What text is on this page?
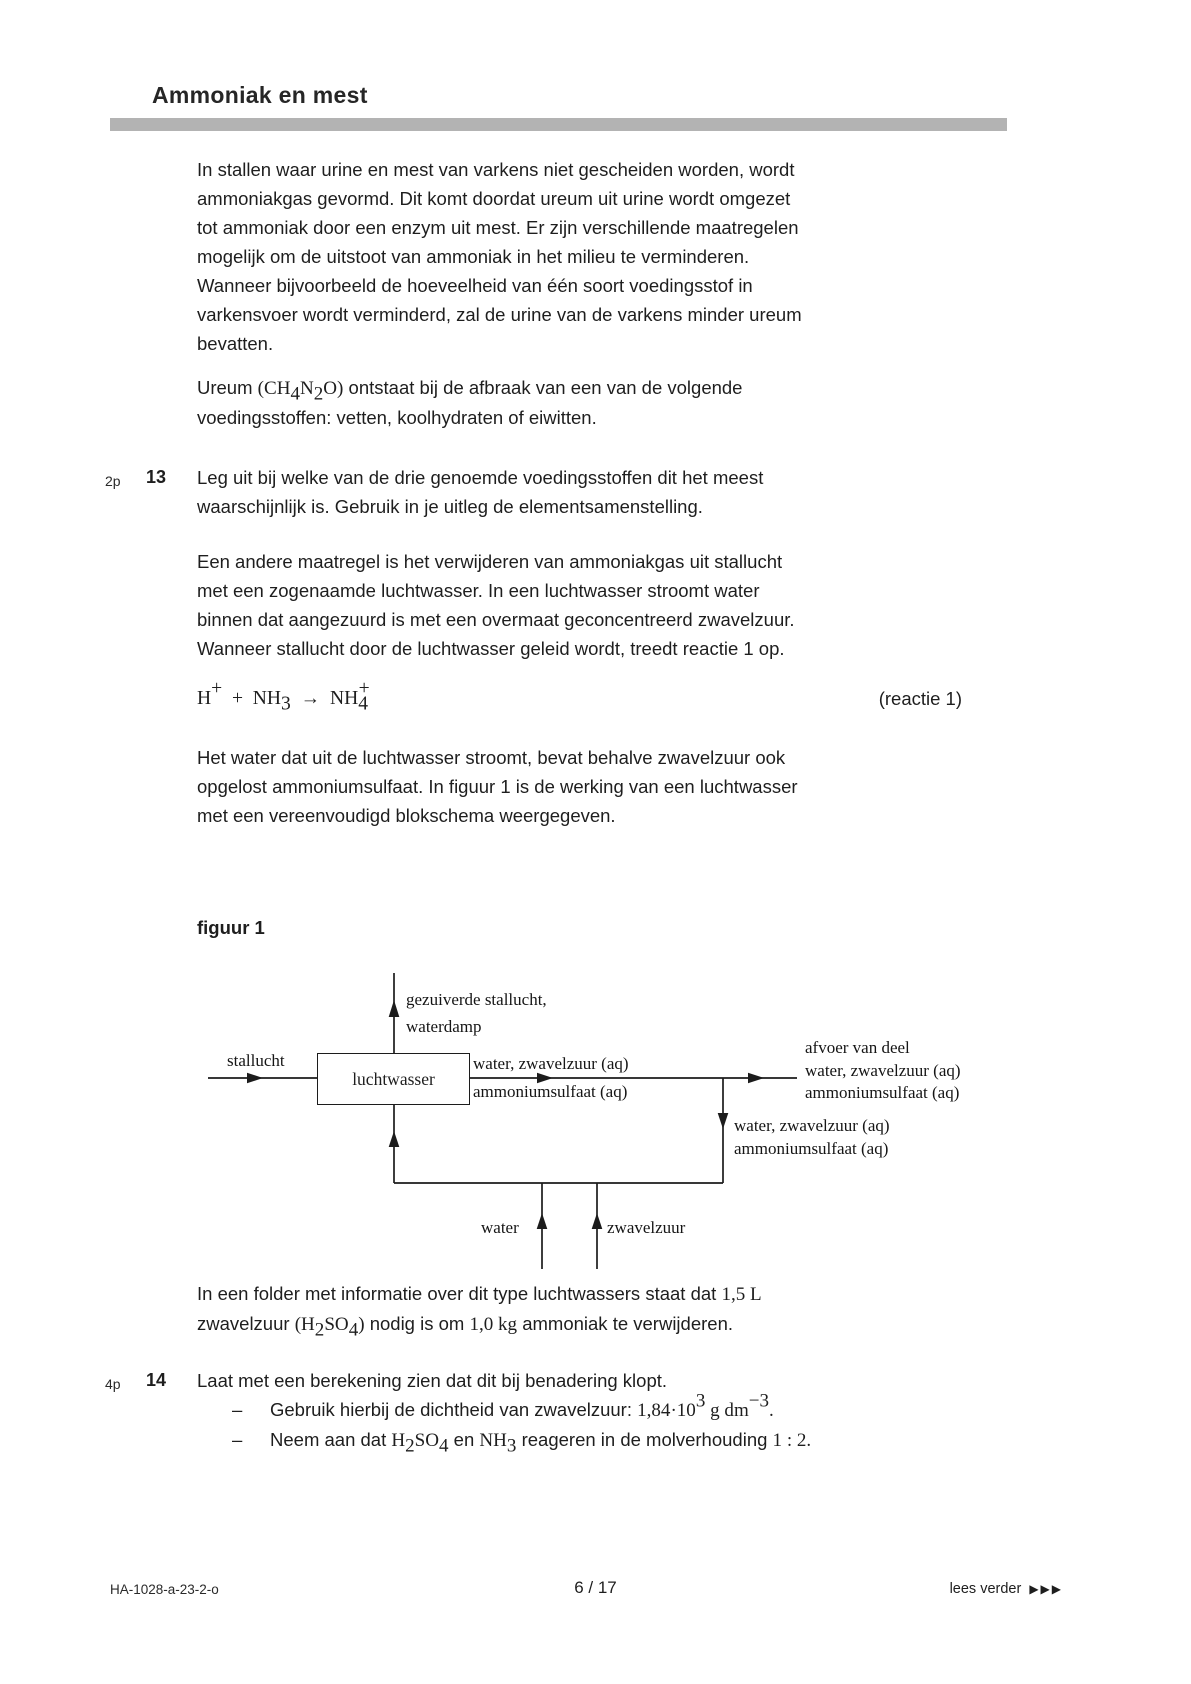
Ammoniak en mest
In stallen waar urine en mest van varkens niet gescheiden worden, wordt
ammoniakgas gevormd. Dit komt doordat ureum uit urine wordt omgezet
tot ammoniak door een enzym uit mest. Er zijn verschillende maatregelen
mogelijk om de uitstoot van ammoniak in het milieu te verminderen.
Wanneer bijvoorbeeld de hoeveelheid van één soort voedingsstof in
varkensvoer wordt verminderd, zal de urine van de varkens minder ureum
bevatten.
Ureum $(CH_4N_2O)$ ontstaat bij de afbraak van een van de volgende
voedingsstoffen: vetten, koolhydraten of eiwitten.
2p 13 Leg uit bij welke van de drie genoemde voedingsstoffen dit het meest
waarschijnlijk is. Gebruik in je uitleg de elementsamenstelling.
Een andere maatregel is het verwijderen van ammoniakgas uit stallucht
met een zogenaamde luchtwasser. In een luchtwasser stroomt water
binnen dat aangezuurd is met een overmaat geconcentreerd zwavelzuur.
Wanneer stallucht door de luchtwasser geleid wordt, treedt reactie 1 op.
$H^+ + NH_3 \to NH_4^+$	(reactie 1)
Het water dat uit de luchtwasser stroomt, bevat behalve zwavelzuur ook
opgelost ammoniumsulfaat. In figuur 1 is de werking van een luchtwasser
met een vereenvoudigd blokschema weergegeven.
figuur 1
luchtwasser
gezuiverde stallucht,
waterdamp
stallucht	water, zwavelzuur (aq)
ammoniumsulfaat (aq)
afvoer van deel
water, zwavelzuur (aq)
ammoniumsulfaat (aq)
water, zwavelzuur (aq)
ammoniumsulfaat (aq)
water	zwavelzuur
In een folder met informatie over dit type luchtwassers staat dat 1,5 L
zwavelzuur $(H_2SO_4)$ nodig is om 1,0 kg ammoniak te verwijderen.
4p 14 Laat met een berekening zien dat dit bij benadering klopt.
–	Gebruik hierbij de dichtheid van zwavelzuur: $1,84\cdot 10^3$ g $dm^{-3}$.
–	Neem aan dat $H_2SO_4$ en $NH_3$ reageren in de molverhouding 1 : 2.
HA-1028-a-23-2-o	6 / 17	lees verder ▶▶▶
